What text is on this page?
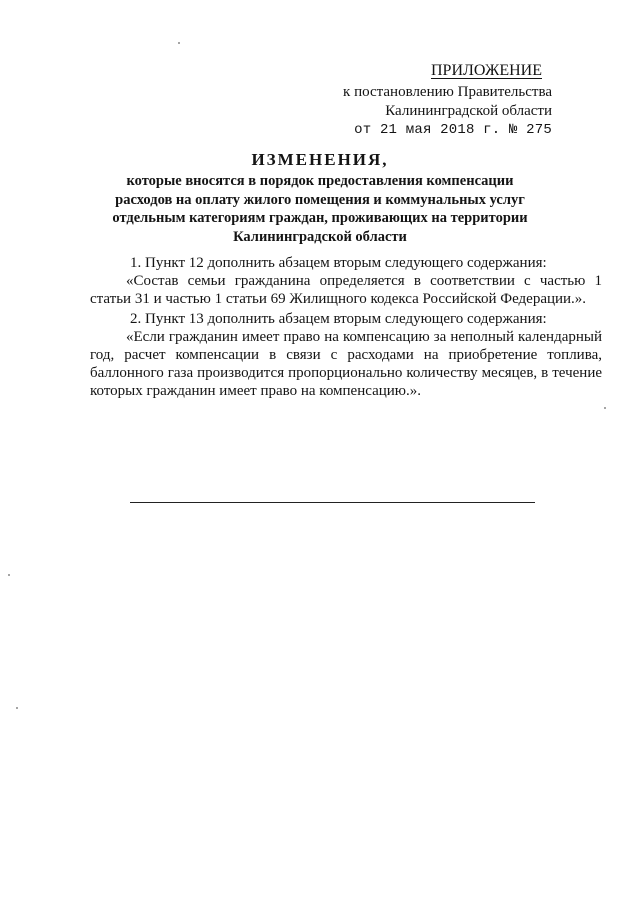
ПРИЛОЖЕНИЕ
к постановлению Правительства
Калининградской области
от 21 мая 2018 г. № 275
ИЗМЕНЕНИЯ,
которые вносятся в порядок предоставления компенсации
расходов на оплату жилого помещения и коммунальных услуг
отдельным категориям граждан, проживающих на территории
Калининградской области

1. Пункт 12 дополнить абзацем вторым следующего содержания:

«Состав семьи гражданина определяется в соответствии с частью 1 статьи 31 и частью 1 статьи 69 Жилищного кодекса Российской Федерации.».

2. Пункт 13 дополнить абзацем вторым следующего содержания:

«Если гражданин имеет право на компенсацию за неполный календарный год, расчет компенсации в связи с расходами на приобретение топлива, баллонного газа производится пропорционально количеству месяцев, в течение которых гражданин имеет право на компенсацию.».
